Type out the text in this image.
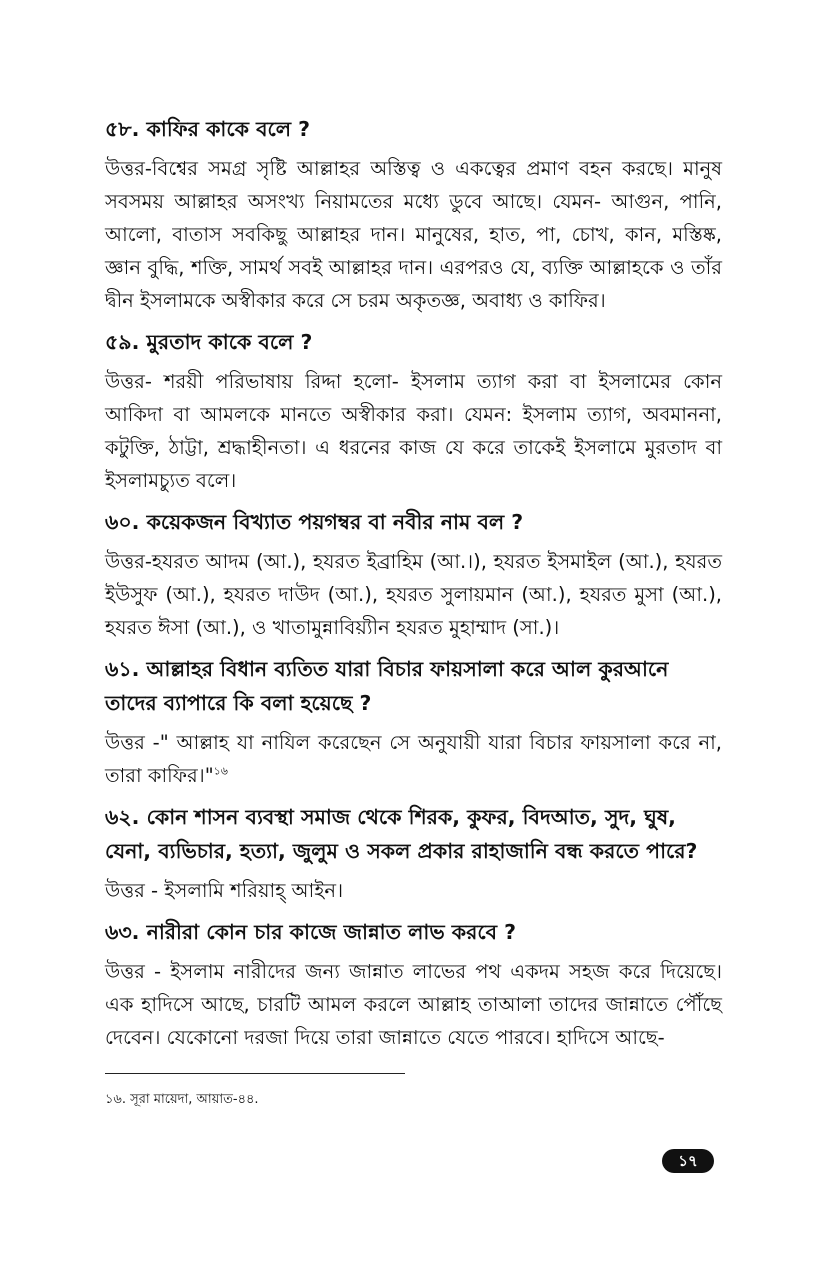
৫৮. কাফির কাকে বলে ?

উত্তর-বিশ্বের সমগ্র সৃষ্টি আল্লাহর অস্তিত্ব ও একত্বের প্রমাণ বহন করছে। মানুষ সবসময় আল্লাহর অসংখ্য নিয়ামতের মধ্যে ডুবে আছে। যেমন- আগুন, পানি, আলো, বাতাস সবকিছু আল্লাহর দান। মানুষের, হাত, পা, চোখ, কান, মস্তিষ্ক, জ্ঞান বুদ্ধি, শক্তি, সামর্থ সবই আল্লাহর দান। এরপরও যে, ব্যক্তি আল্লাহকে ও তাঁর দ্বীন ইসলামকে অস্বীকার করে সে চরম অকৃতজ্ঞ, অবাধ্য ও কাফির।

৫৯. মুরতাদ কাকে বলে ?

উত্তর- শরয়ী পরিভাষায় রিদ্দা হলো- ইসলাম ত্যাগ করা বা ইসলামের কোন আকিদা বা আমলকে মানতে অস্বীকার করা। যেমন: ইসলাম ত্যাগ, অবমাননা, কটুক্তি, ঠাট্টা, শ্রদ্ধাহীনতা। এ ধরনের কাজ যে করে তাকেই ইসলামে মুরতাদ বা ইসলামচ্যুত বলে।

৬০. কয়েকজন বিখ্যাত পয়গম্বর বা নবীর নাম বল ?

উত্তর-হযরত আদম (আ.), হযরত ইব্রাহিম (আ.।), হযরত ইসমাইল (আ.), হযরত ইউসুফ (আ.), হযরত দাউদ (আ.), হযরত সুলায়মান (আ.), হযরত মুসা (আ.), হযরত ঈসা (আ.), ও খাতামুন্নাবিয়্যীন হযরত মুহাম্মাদ (সা.)।

৬১. আল্লাহর বিধান ব্যতিত যারা বিচার ফায়সালা করে আল কুরআনে তাদের ব্যাপারে কি বলা হয়েছে ?

উত্তর -" আল্লাহ যা নাযিল করেছেন সে অনুযায়ী যারা বিচার ফায়সালা করে না, তারা কাফির।"$^{১৬}$

৬২. কোন শাসন ব্যবস্থা সমাজ থেকে শিরক, কুফর, বিদআত, সুদ, ঘুষ, যেনা, ব্যভিচার, হত্যা, জুলুম ও সকল প্রকার রাহাজানি বন্ধ করতে পারে?

উত্তর - ইসলামি শরিয়াহ্ আইন।

৬৩. নারীরা কোন চার কাজে জান্নাত লাভ করবে ?

উত্তর - ইসলাম নারীদের জন্য জান্নাত লাভের পথ একদম সহজ করে দিয়েছে। এক হাদিসে আছে, চারটি আমল করলে আল্লাহ তাআলা তাদের জান্নাতে পৌঁছে দেবেন। যেকোনো দরজা দিয়ে তারা জান্নাতে যেতে পারবে। হাদিসে আছে-

১৬. সূরা মায়েদা, আয়াত-৪৪.
১৭
